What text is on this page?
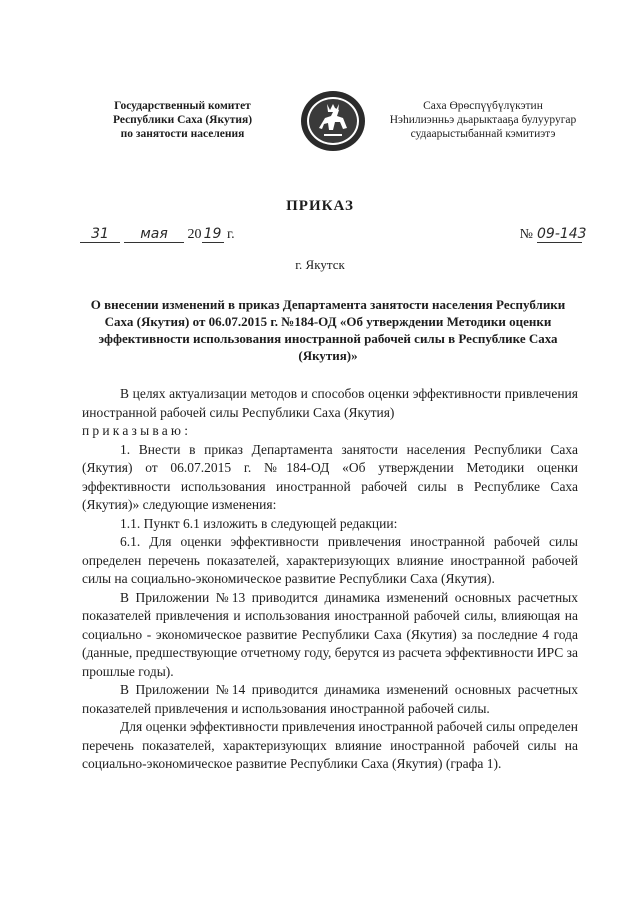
Государственный комитет
Республики Саха (Якутия)
по занятости населения
Саха Өрөспүүбүлүкэтин
Нэһилиэнньэ дьарыктааҕа булууругар
судаарыстыбаннай кэмитиэтэ
ПРИКАЗ
31 мая 20 19 г.	№ 09-143
г. Якутск
О внесении изменений в приказ Департамента занятости населения Республики Саха (Якутия) от 06.07.2015 г. №184-ОД «Об утверждении Методики оценки эффективности использования иностранной рабочей силы в Республике Саха (Якутия)»

В целях актуализации методов и способов оценки эффективности привлечения иностранной рабочей силы Республики Саха (Якутия)

приказываю:

1. Внести в приказ Департамента занятости населения Республики Саха (Якутия) от 06.07.2015 г. №184-ОД «Об утверждении Методики оценки эффективности использования иностранной рабочей силы в Республике Саха (Якутия)» следующие изменения:

1.1. Пункт 6.1 изложить в следующей редакции:

6.1. Для оценки эффективности привлечения иностранной рабочей силы определен перечень показателей, характеризующих влияние иностранной рабочей силы на социально-экономическое развитие Республики Саха (Якутия).

В Приложении №13 приводится динамика изменений основных расчетных показателей привлечения и использования иностранной рабочей силы, влияющая на социально - экономическое развитие Республики Саха (Якутия) за последние 4 года (данные, предшествующие отчетному году, берутся из расчета эффективности ИРС за прошлые годы).

В Приложении №14 приводится динамика изменений основных расчетных показателей привлечения и использования иностранной рабочей силы.

Для оценки эффективности привлечения иностранной рабочей силы определен перечень показателей, характеризующих влияние иностранной рабочей силы на социально-экономическое развитие Республики Саха (Якутия) (графа 1).
